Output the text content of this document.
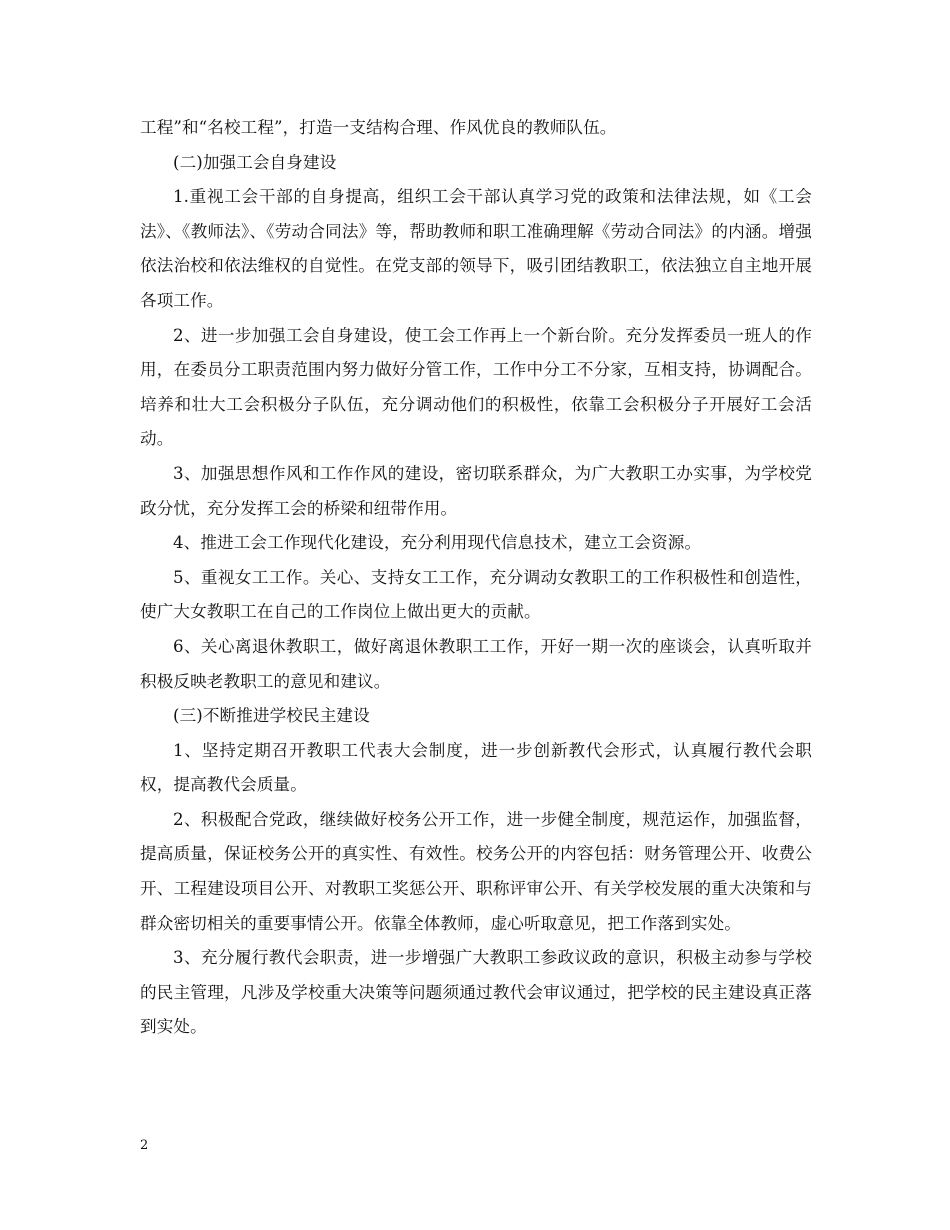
工程”和“名校工程”，打造一支结构合理、作风优良的教师队伍。

(二)加强工会自身建设

1.重视工会干部的自身提高，组织工会干部认真学习党的政策和法律法规，如《工会法》、《教师法》、《劳动合同法》等，帮助教师和职工准确理解《劳动合同法》的内涵。增强依法治校和依法维权的自觉性。在党支部的领导下，吸引团结教职工，依法独立自主地开展各项工作。

2、进一步加强工会自身建设，使工会工作再上一个新台阶。充分发挥委员一班人的作用，在委员分工职责范围内努力做好分管工作，工作中分工不分家，互相支持，协调配合。培养和壮大工会积极分子队伍，充分调动他们的积极性，依靠工会积极分子开展好工会活动。

3、加强思想作风和工作作风的建设，密切联系群众，为广大教职工办实事，为学校党政分忧，充分发挥工会的桥梁和纽带作用。

4、推进工会工作现代化建设，充分利用现代信息技术，建立工会资源。

5、重视女工工作。关心、支持女工工作，充分调动女教职工的工作积极性和创造性，使广大女教职工在自己的工作岗位上做出更大的贡献。

6、关心离退休教职工，做好离退休教职工工作，开好一期一次的座谈会，认真听取并积极反映老教职工的意见和建议。

(三)不断推进学校民主建设

1、坚持定期召开教职工代表大会制度，进一步创新教代会形式，认真履行教代会职权，提高教代会质量。

2、积极配合党政，继续做好校务公开工作，进一步健全制度，规范运作，加强监督，提高质量，保证校务公开的真实性、有效性。校务公开的内容包括：财务管理公开、收费公开、工程建设项目公开、对教职工奖惩公开、职称评审公开、有关学校发展的重大决策和与群众密切相关的重要事情公开。依靠全体教师，虚心听取意见，把工作落到实处。

3、充分履行教代会职责，进一步增强广大教职工参政议政的意识，积极主动参与学校的民主管理，凡涉及学校重大决策等问题须通过教代会审议通过，把学校的民主建设真正落到实处。

2
